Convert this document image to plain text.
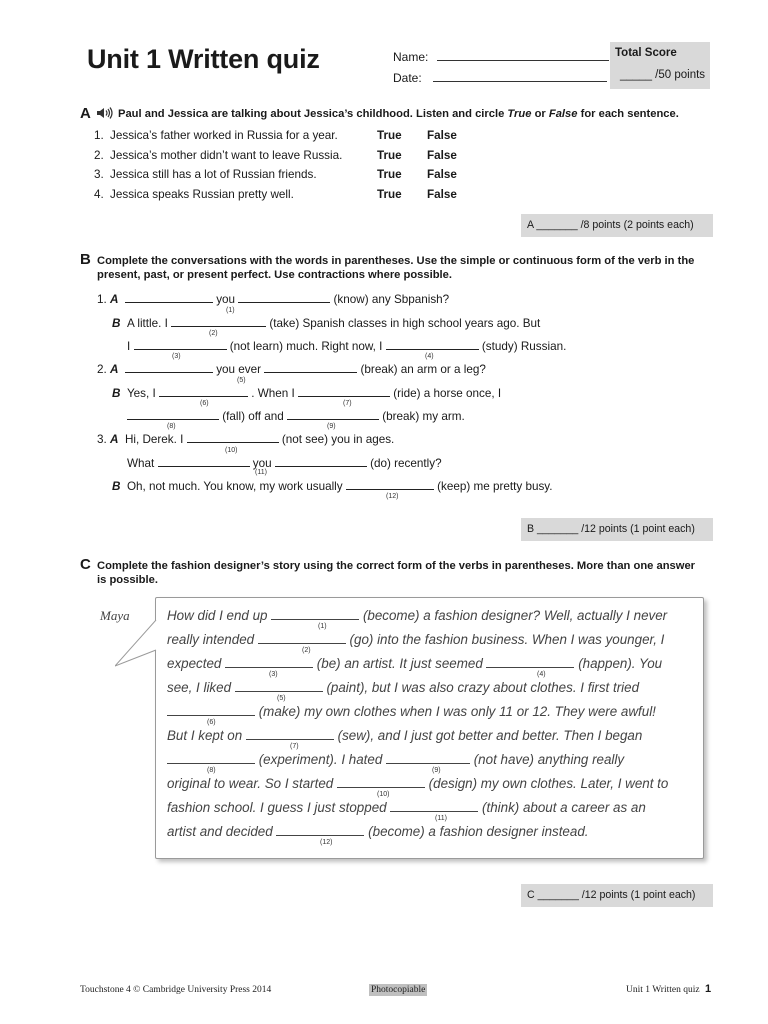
Unit 1 Written quiz	Name:
Date:
Total Score
_____ /50 points
A Paul and Jessica are talking about Jessica’s childhood. Listen and circle True or False for each sentence.
1. Jessica’s father worked in Russia for a year.	True False
2. Jessica’s mother didn’t want to leave Russia.	True False
3. Jessica still has a lot of Russian friends.	True False
4. Jessica speaks Russian pretty well.	True False
A _______ /8 points (2 points each)
B Complete the conversations with the words in parentheses. Use the simple or continuous form of the verb in the
present, past, or present perfect. Use contractions where possible.
1. A	you	(know) any Sbpanish?
(1)
B  A little. I	(take) Spanish classes in high school years ago. But
(2)
I	(not learn) much. Right now, I	(study) Russian.
(3)	(4)
2. A	you ever	(break) an arm or a leg?
(5)
B  Yes, I	. When I	(ride) a horse once, I
(6)	(7)
(fall) off and	(break) my arm.
(8)	(9)
3. A  Hi, Derek. I	(not see) you in ages.
(10)
What	you	(do) recently?
(11)
B  Oh, not much. You know, my work usually	(keep) me pretty busy.
(12)
B _______ /12 points (1 point each)
C Complete the fashion designer’s story using the correct form of the verbs in parentheses. More than one answer
is possible.
Maya	How did I end up	(become) a fashion designer? Well, actually I never
(1)
really intended	(go) into the fashion business. When I was younger, I
(2)
expected	(be) an artist. It just seemed	(happen). You
(3)	(4)
see, I liked	(paint), but I was also crazy about clothes. I first tried
(5)
(make) my own clothes when I was only 11 or 12. They were awful!
(6)
But I kept on	(sew), and I just got better and better. Then I began
(7)
(experiment). I hated	(not have) anything really
(8)	(9)
original to wear. So I started	(design) my own clothes. Later, I went to
(10)
fashion school. I guess I just stopped	(think) about a career as an
(11)
artist and decided	(become) a fashion designer instead.
(12)
C _______ /12 points (1 point each)
Touchstone 4 © Cambridge University Press 2014	Photocopiable	Unit 1 Written quiz 1
